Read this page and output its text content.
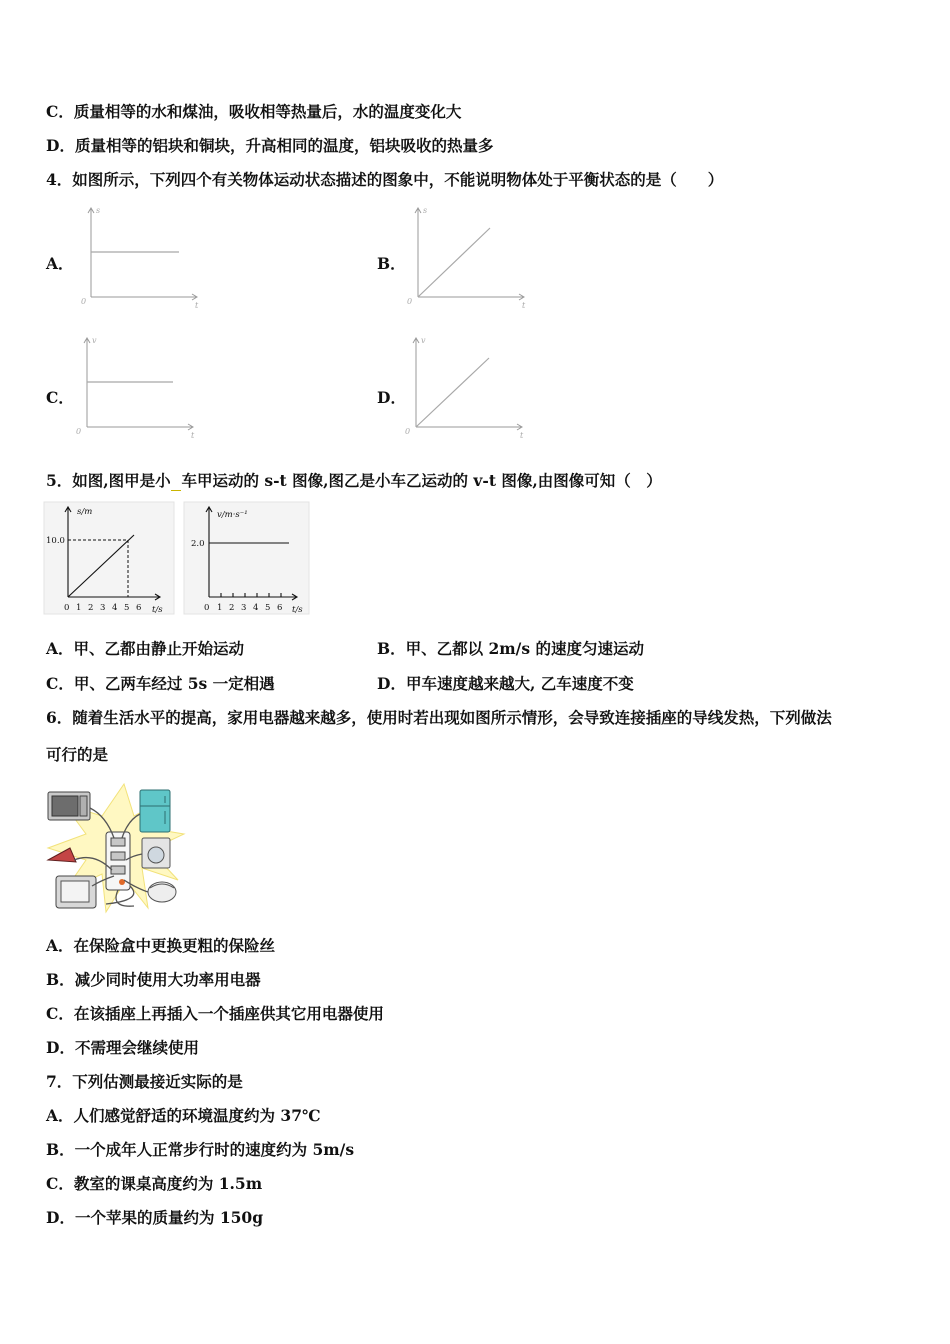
C．质量相等的水和煤油，吸收相等热量后，水的温度变化大
D．质量相等的铝块和铜块，升高相同的温度，铝块吸收的热量多
4．如图所示，下列四个有关物体运动状态描述的图象中，不能说明物体处于平衡状态的是（　　）
A．
s
t
0
B．
s
t
0
C．
v
t
0
D．
v
t
0
5．如图,图甲是小 车甲运动的 s-t 图像,图乙是小车乙运动的 v-t 图像,由图像可知（　）
s/m
10.0
t/s
0 1 2 3 4 5 6
v/m·s⁻¹
2.0
t/s
0 1 2 3 4 5 6
A．甲、乙都由静止开始运动	B．甲、乙都以 2m/s 的速度匀速运动
C．甲、乙两车经过 5s 一定相遇	D．甲车速度越来越大, 乙车速度不变
6．随着生活水平的提高，家用电器越来越多，使用时若出现如图所示情形，会导致连接插座的导线发热，下列做法
可行的是
A．在保险盒中更换更粗的保险丝
B．减少同时使用大功率用电器
C．在该插座上再插入一个插座供其它用电器使用
D．不需理会继续使用
7．下列估测最接近实际的是
A．人们感觉舒适的环境温度约为 37℃
B．一个成年人正常步行时的速度约为 5m/s
C．教室的课桌高度约为 1.5m
D．一个苹果的质量约为 150g
